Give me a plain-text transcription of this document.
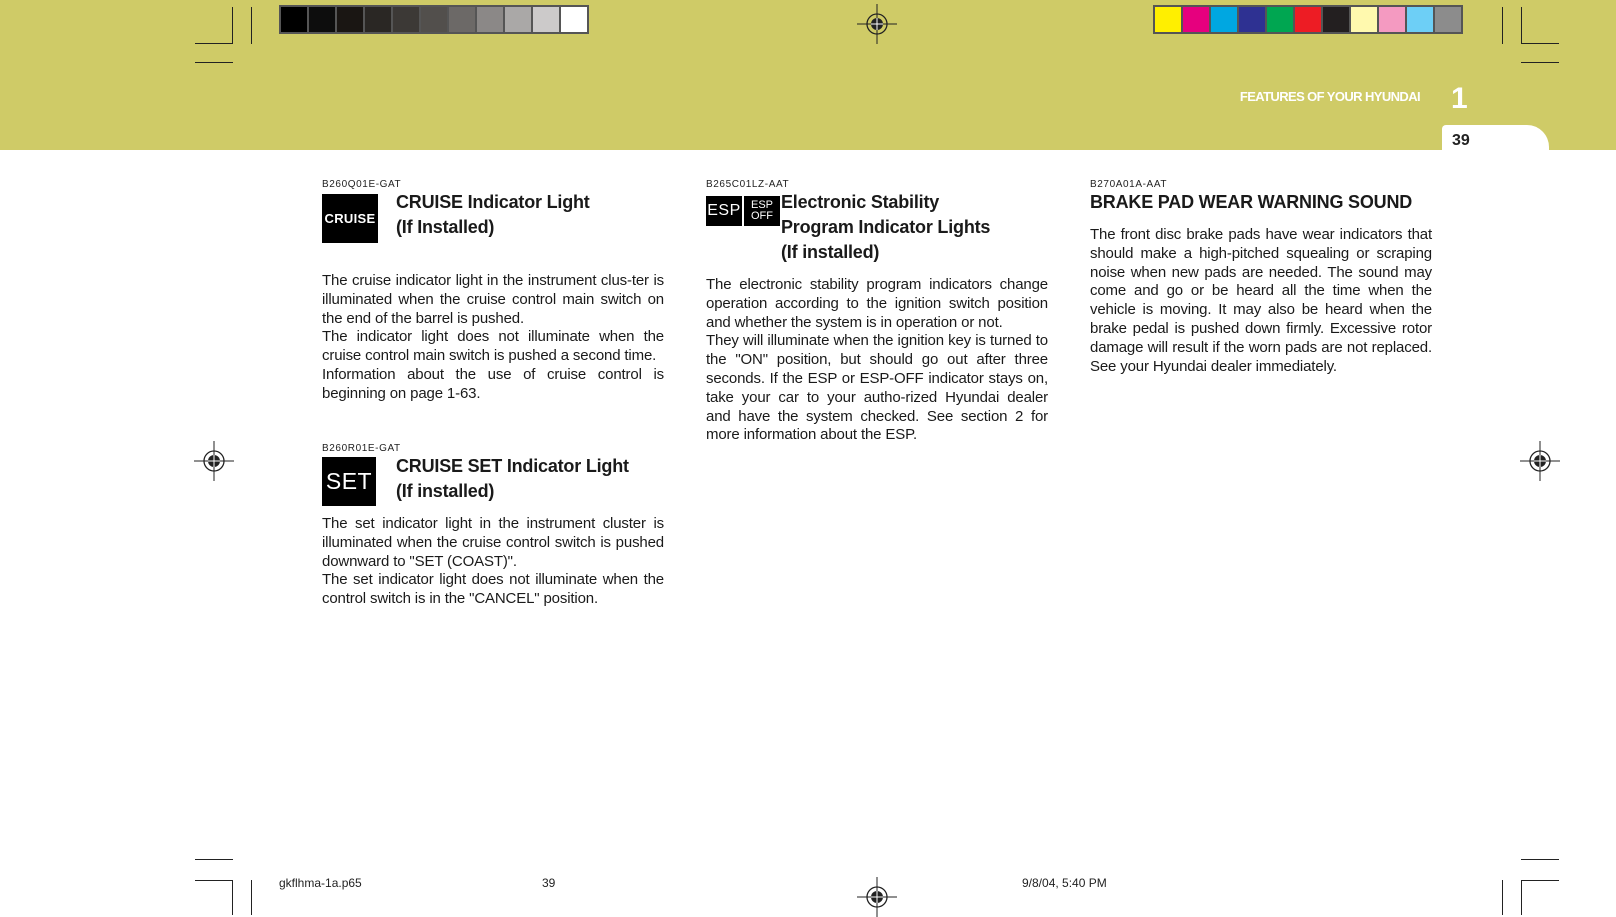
39
FEATURES OF YOUR HYUNDAI 1
B260Q01E-GAT
CRUISE
CRUISE Indicator Light
(If Installed)

The cruise indicator light in the instrument clus-ter is illuminated when the cruise control main switch on the end of the barrel is pushed.

The indicator light does not illuminate when the cruise control main switch is pushed a second time.

Information about the use of cruise control is beginning on page 1-63.

B260R01E-GAT
SET
CRUISE SET Indicator Light
(If installed)

The set indicator light in the instrument cluster is illuminated when the cruise control switch is pushed downward to "SET (COAST)".

The set indicator light does not illuminate when the control switch is in the "CANCEL" position.

B265C01LZ-AAT
ESP ESP
OFF
Electronic Stability
Program Indicator Lights
(If installed)

The electronic stability program indicators change operation according to the ignition switch position and whether the system is in operation or not.

They will illuminate when the ignition key is turned to the "ON" position, but should go out after three seconds. If the ESP or ESP-OFF indicator stays on, take your car to your autho-rized Hyundai dealer and have the system checked. See section 2 for more information about the ESP.

B270A01A-AAT
BRAKE PAD WEAR WARNING SOUND

The front disc brake pads have wear indicators that should make a high-pitched squealing or scraping noise when new pads are needed. The sound may come and go or be heard all the time when the vehicle is moving. It may also be heard when the brake pedal is pushed down firmly. Excessive rotor damage will result if the worn pads are not replaced. See your Hyundai dealer immediately.

gkflhma-1a.p65	39	9/8/04, 5:40 PM
